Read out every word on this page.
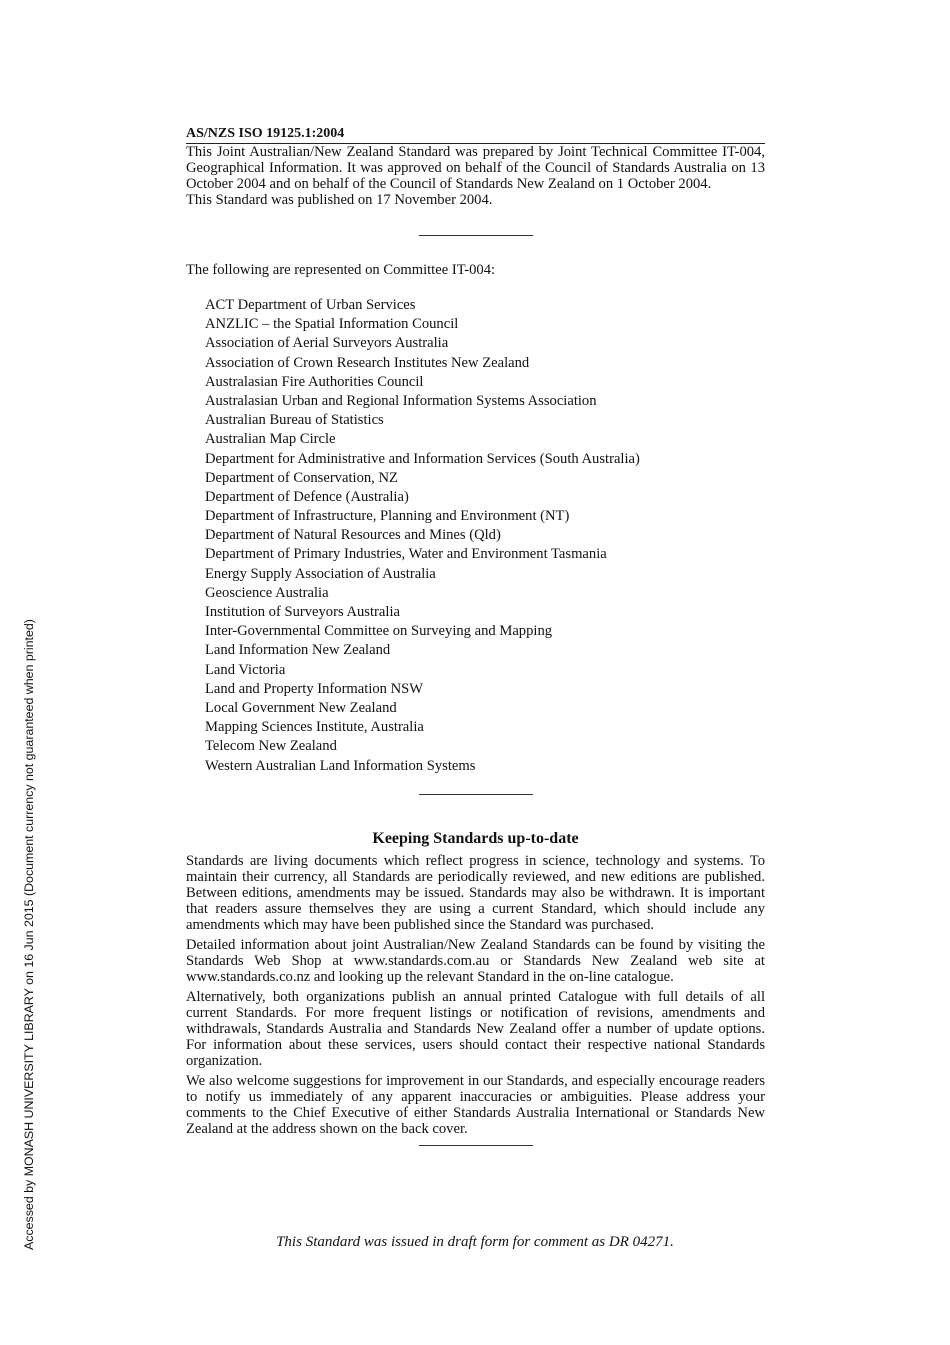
AS/NZS ISO 19125.1:2004

This Joint Australian/New Zealand Standard was prepared by Joint Technical Committee IT-004, Geographical Information. It was approved on behalf of the Council of Standards Australia on 13 October 2004 and on behalf of the Council of Standards New Zealand on 1 October 2004.

This Standard was published on 17 November 2004.

The following are represented on Committee IT-004:

ACT Department of Urban Services
ANZLIC – the Spatial Information Council
Association of Aerial Surveyors Australia
Association of Crown Research Institutes New Zealand
Australasian Fire Authorities Council
Australasian Urban and Regional Information Systems Association
Australian Bureau of Statistics
Australian Map Circle
Department for Administrative and Information Services (South Australia)
Department of Conservation, NZ
Department of Defence (Australia)
Department of Infrastructure, Planning and Environment (NT)
Department of Natural Resources and Mines (Qld)
Department of Primary Industries, Water and Environment Tasmania
Energy Supply Association of Australia
Geoscience Australia
Institution of Surveyors Australia
Inter-Governmental Committee on Surveying and Mapping
Land Information New Zealand
Land Victoria
Land and Property Information NSW
Local Government New Zealand
Mapping Sciences Institute, Australia
Telecom New Zealand
Western Australian Land Information Systems
Keeping Standards up-to-date

Standards are living documents which reflect progress in science, technology and systems. To maintain their currency, all Standards are periodically reviewed, and new editions are published. Between editions, amendments may be issued. Standards may also be withdrawn. It is important that readers assure themselves they are using a current Standard, which should include any amendments which may have been published since the Standard was purchased.

Detailed information about joint Australian/New Zealand Standards can be found by visiting the Standards Web Shop at www.standards.com.au or Standards New Zealand web site at www.standards.co.nz and looking up the relevant Standard in the on-line catalogue.

Alternatively, both organizations publish an annual printed Catalogue with full details of all current Standards. For more frequent listings or notification of revisions, amendments and withdrawals, Standards Australia and Standards New Zealand offer a number of update options. For information about these services, users should contact their respective national Standards organization.

We also welcome suggestions for improvement in our Standards, and especially encourage readers to notify us immediately of any apparent inaccuracies or ambiguities. Please address your comments to the Chief Executive of either Standards Australia International or Standards New Zealand at the address shown on the back cover.

This Standard was issued in draft form for comment as DR 04271.
Accessed by MONASH UNIVERSITY LIBRARY on 16 Jun 2015 (Document currency not guaranteed when printed)
